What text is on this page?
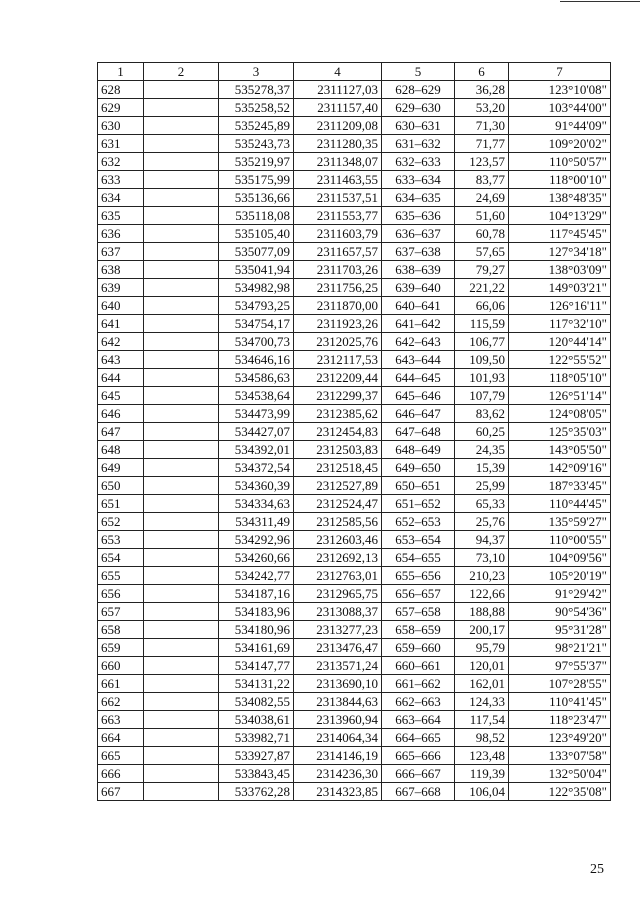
1	2	3	4	5	6	7
628		535278,37	2311127,03	628–629	36,28	123°10'08"
629		535258,52	2311157,40	629–630	53,20	103°44'00"
630		535245,89	2311209,08	630–631	71,30	91°44'09"
631		535243,73	2311280,35	631–632	71,77	109°20'02"
632		535219,97	2311348,07	632–633	123,57	110°50'57"
633		535175,99	2311463,55	633–634	83,77	118°00'10"
634		535136,66	2311537,51	634–635	24,69	138°48'35"
635		535118,08	2311553,77	635–636	51,60	104°13'29"
636		535105,40	2311603,79	636–637	60,78	117°45'45"
637		535077,09	2311657,57	637–638	57,65	127°34'18"
638		535041,94	2311703,26	638–639	79,27	138°03'09"
639		534982,98	2311756,25	639–640	221,22	149°03'21"
640		534793,25	2311870,00	640–641	66,06	126°16'11"
641		534754,17	2311923,26	641–642	115,59	117°32'10"
642		534700,73	2312025,76	642–643	106,77	120°44'14"
643		534646,16	2312117,53	643–644	109,50	122°55'52"
644		534586,63	2312209,44	644–645	101,93	118°05'10"
645		534538,64	2312299,37	645–646	107,79	126°51'14"
646		534473,99	2312385,62	646–647	83,62	124°08'05"
647		534427,07	2312454,83	647–648	60,25	125°35'03"
648		534392,01	2312503,83	648–649	24,35	143°05'50"
649		534372,54	2312518,45	649–650	15,39	142°09'16"
650		534360,39	2312527,89	650–651	25,99	187°33'45"
651		534334,63	2312524,47	651–652	65,33	110°44'45"
652		534311,49	2312585,56	652–653	25,76	135°59'27"
653		534292,96	2312603,46	653–654	94,37	110°00'55"
654		534260,66	2312692,13	654–655	73,10	104°09'56"
655		534242,77	2312763,01	655–656	210,23	105°20'19"
656		534187,16	2312965,75	656–657	122,66	91°29'42"
657		534183,96	2313088,37	657–658	188,88	90°54'36"
658		534180,96	2313277,23	658–659	200,17	95°31'28"
659		534161,69	2313476,47	659–660	95,79	98°21'21"
660		534147,77	2313571,24	660–661	120,01	97°55'37"
661		534131,22	2313690,10	661–662	162,01	107°28'55"
662		534082,55	2313844,63	662–663	124,33	110°41'45"
663		534038,61	2313960,94	663–664	117,54	118°23'47"
664		533982,71	2314064,34	664–665	98,52	123°49'20"
665		533927,87	2314146,19	665–666	123,48	133°07'58"
666		533843,45	2314236,30	666–667	119,39	132°50'04"
667		533762,28	2314323,85	667–668	106,04	122°35'08"
25
